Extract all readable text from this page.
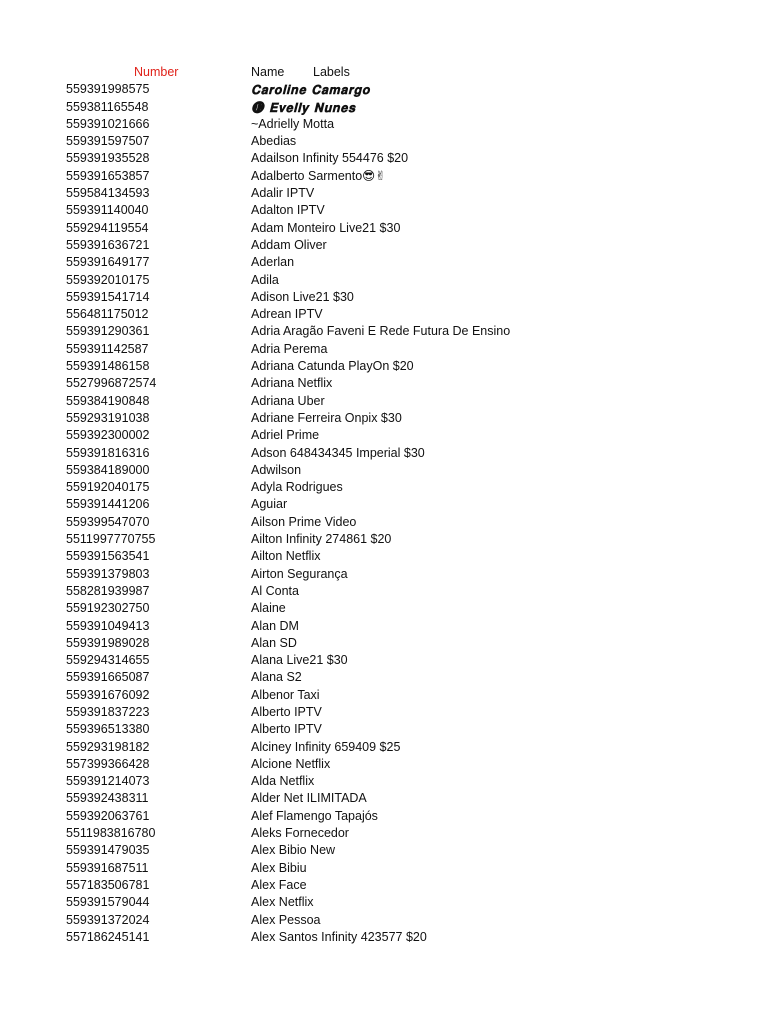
Number	Name Labels
559391998575	𝐂𝐚𝐫𝐨𝐥𝐢𝐧𝐞 𝐂𝐚𝐦𝐚𝐫𝐠𝐨
559381165548	🅔 𝐄𝐯𝐞𝐥𝐥𝐲 𝐍𝐮𝐧𝐞𝐬
559391021666	~Adrielly Motta
559391597507	Abedias
559391935528	Adailson Infinity 554476 $20
559391653857	Adalberto Sarmento😎✌
559584134593	Adalir IPTV
559391140040	Adalton IPTV
559294119554	Adam Monteiro Live21 $30
559391636721	Addam Oliver
559391649177	Aderlan
559392010175	Adila
559391541714	Adison Live21 $30
556481175012	Adrean IPTV
559391290361	Adria Aragão Faveni E Rede Futura De Ensino
559391142587	Adria Perema
559391486158	Adriana Catunda PlayOn $20
5527996872574	Adriana Netflix
559384190848	Adriana Uber
559293191038	Adriane Ferreira Onpix $30
559392300002	Adriel Prime
559391816316	Adson 648434345 Imperial $30
559384189000	Adwilson
559192040175	Adyla Rodrigues
559391441206	Aguiar
559399547070	Ailson Prime Video
5511997770755	Ailton Infinity 274861 $20
559391563541	Ailton Netflix
559391379803	Airton Segurança
558281939987	Al Conta
559192302750	Alaine
559391049413	Alan DM
559391989028	Alan SD
559294314655	Alana Live21 $30
559391665087	Alana S2
559391676092	Albenor Taxi
559391837223	Alberto IPTV
559396513380	Alberto IPTV
559293198182	Alciney Infinity 659409 $25
557399366428	Alcione Netflix
559391214073	Alda Netflix
559392438311	Alder Net ILIMITADA
559392063761	Alef Flamengo Tapajós
5511983816780	Aleks Fornecedor
559391479035	Alex Bibio New
559391687511	Alex Bibiu
557183506781	Alex Face
559391579044	Alex Netflix
559391372024	Alex Pessoa
557186245141	Alex Santos Infinity 423577 $20
